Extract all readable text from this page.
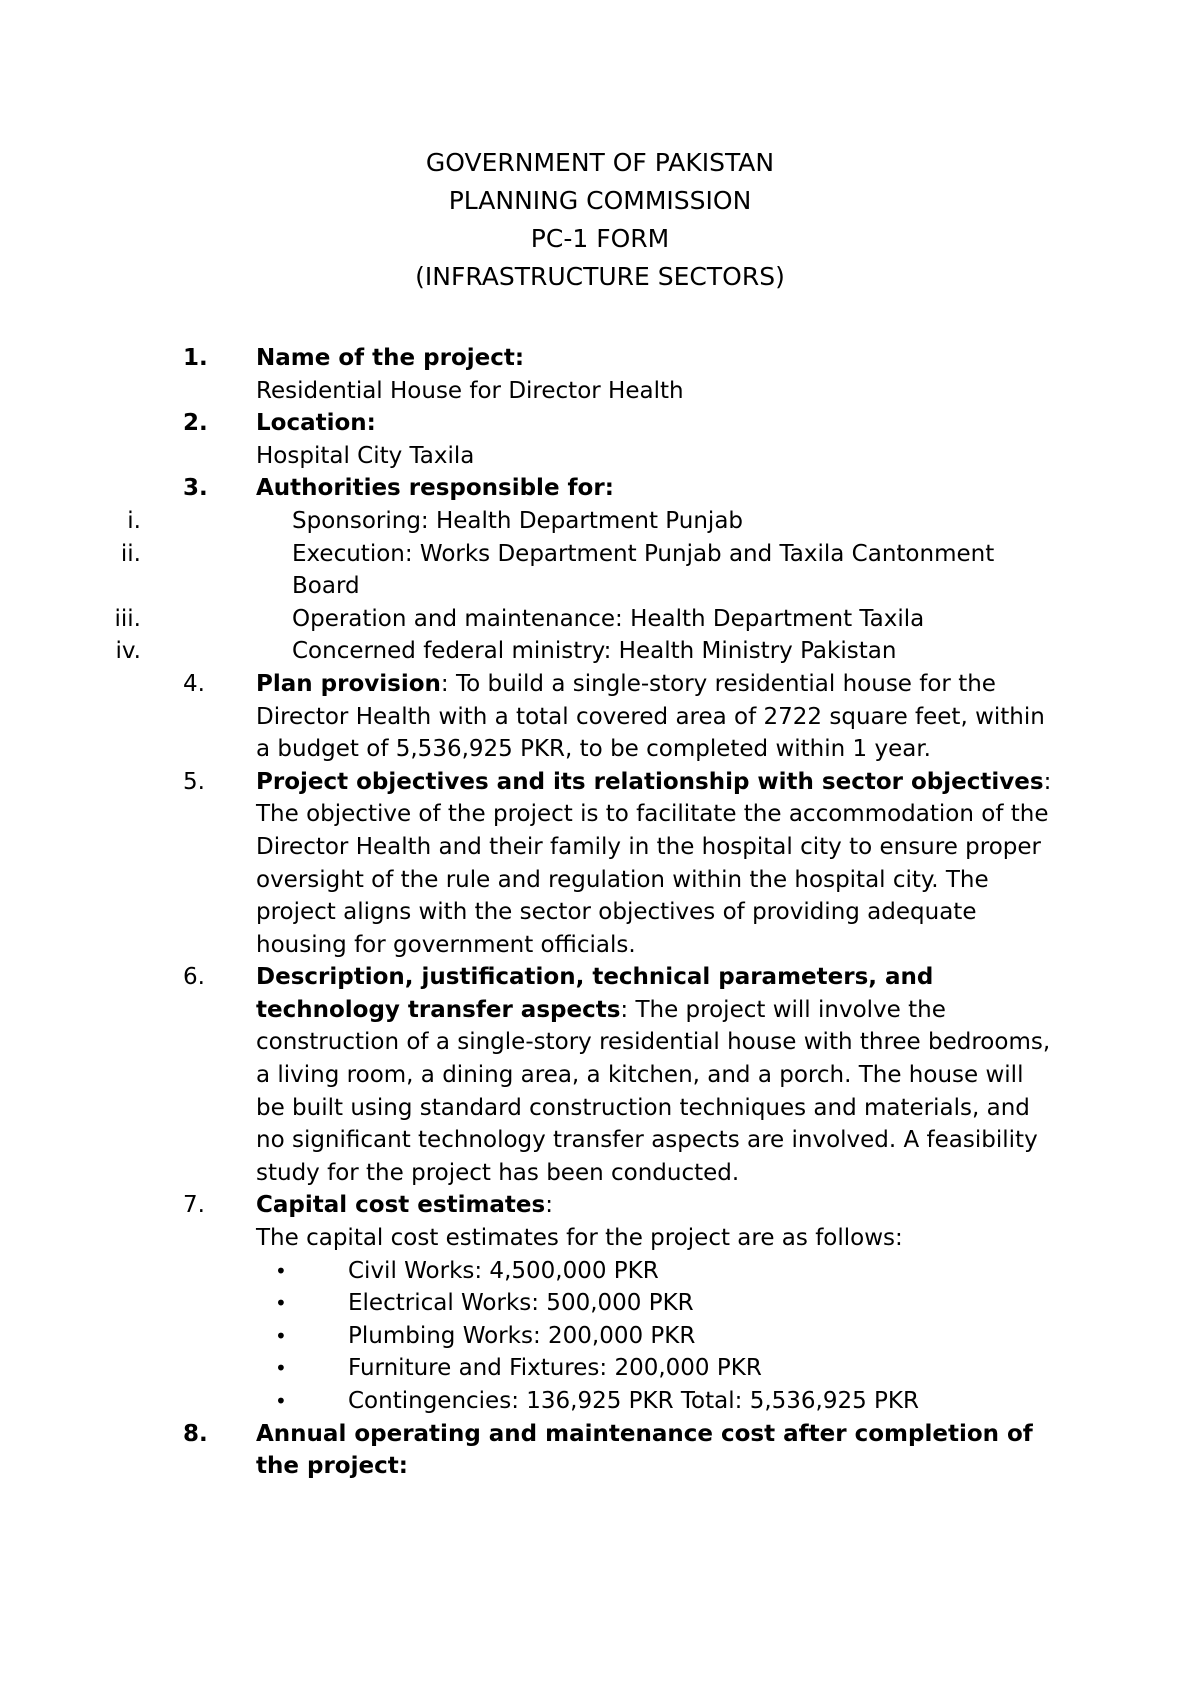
GOVERNMENT OF PAKISTAN
PLANNING COMMISSION
PC-1 FORM
(INFRASTRUCTURE SECTORS)
1. Name of the project:
Residential House for Director Health
2. Location:
Hospital City Taxila
3. Authorities responsible for:
i.	Sponsoring: Health Department Punjab
ii.	Execution: Works Department Punjab and Taxila Cantonment Board
iii.	Operation and maintenance: Health Department Taxila
iv.	Concerned federal ministry: Health Ministry Pakistan
4. Plan provision: To build a single-story residential house for the Director Health with a total covered area of 2722 square feet, within a budget of 5,536,925 PKR, to be completed within 1 year.
5. Project objectives and its relationship with sector objectives:
The objective of the project is to facilitate the accommodation of the Director Health and their family in the hospital city to ensure proper oversight of the rule and regulation within the hospital city. The project aligns with the sector objectives of providing adequate housing for government officials.
6. Description, justification, technical parameters, and technology transfer aspects: The project will involve the construction of a single-story residential house with three bedrooms, a living room, a dining area, a kitchen, and a porch. The house will be built using standard construction techniques and materials, and no significant technology transfer aspects are involved. A feasibility study for the project has been conducted.
7. Capital cost estimates:
The capital cost estimates for the project are as follows:
•	Civil Works: 4,500,000 PKR
•	Electrical Works: 500,000 PKR
•	Plumbing Works: 200,000 PKR
•	Furniture and Fixtures: 200,000 PKR
•	Contingencies: 136,925 PKR Total: 5,536,925 PKR
8. Annual operating and maintenance cost after completion of the project:
